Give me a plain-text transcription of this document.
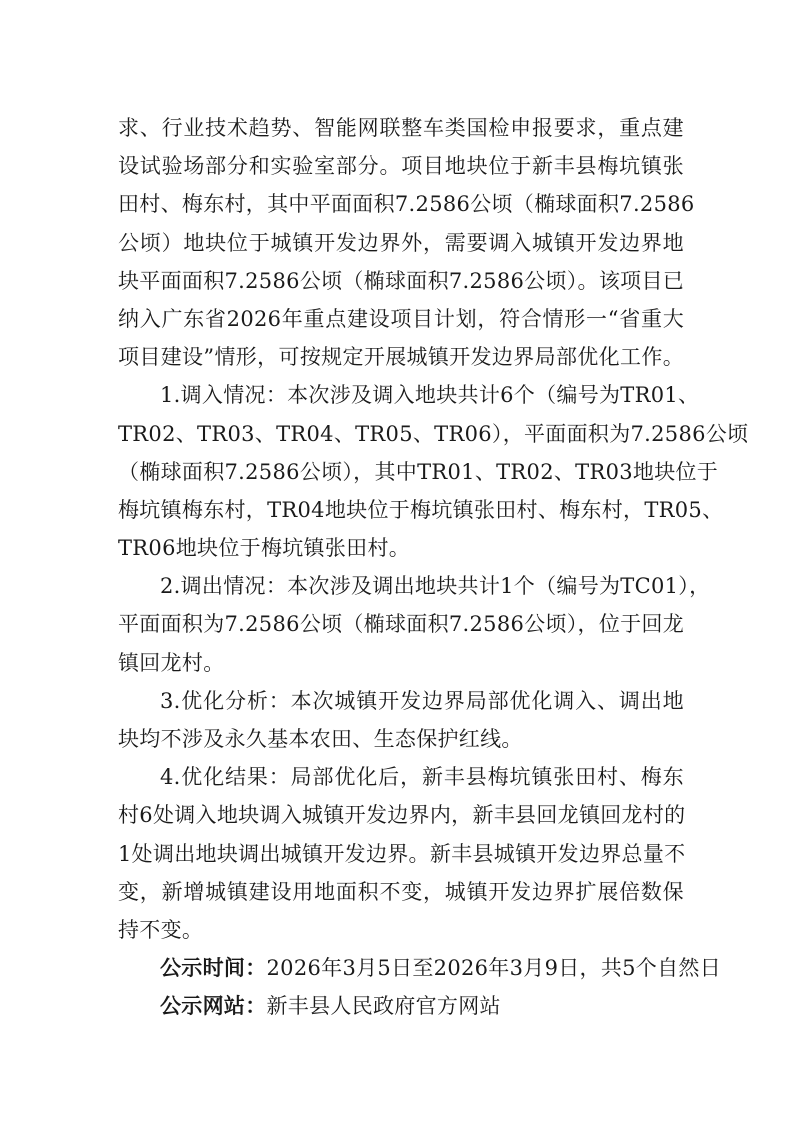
求、行业技术趋势、智能网联整车类国检申报要求，重点建
设试验场部分和实验室部分。项目地块位于新丰县梅坑镇张
田村、梅东村，其中平面面积7.2586公顷（椭球面积7.2586
公顷）地块位于城镇开发边界外，需要调入城镇开发边界地
块平面面积7.2586公顷（椭球面积7.2586公顷）。该项目已
纳入广东省2026年重点建设项目计划，符合情形一“省重大
项目建设”情形，可按规定开展城镇开发边界局部优化工作。
1.调入情况：本次涉及调入地块共计6个（编号为TR01、
TR02、TR03、TR04、TR05、TR06），平面面积为7.2586公顷
（椭球面积7.2586公顷），其中TR01、TR02、TR03地块位于
梅坑镇梅东村，TR04地块位于梅坑镇张田村、梅东村，TR05、
TR06地块位于梅坑镇张田村。
2.调出情况：本次涉及调出地块共计1个（编号为TC01），
平面面积为7.2586公顷（椭球面积7.2586公顷），位于回龙
镇回龙村。
3.优化分析：本次城镇开发边界局部优化调入、调出地
块均不涉及永久基本农田、生态保护红线。
4.优化结果：局部优化后，新丰县梅坑镇张田村、梅东
村6处调入地块调入城镇开发边界内，新丰县回龙镇回龙村的
1处调出地块调出城镇开发边界。新丰县城镇开发边界总量不
变，新增城镇建设用地面积不变，城镇开发边界扩展倍数保
持不变。
公示时间：2026年3月5日至2026年3月9日，共5个自然日
公示网站：新丰县人民政府官方网站
